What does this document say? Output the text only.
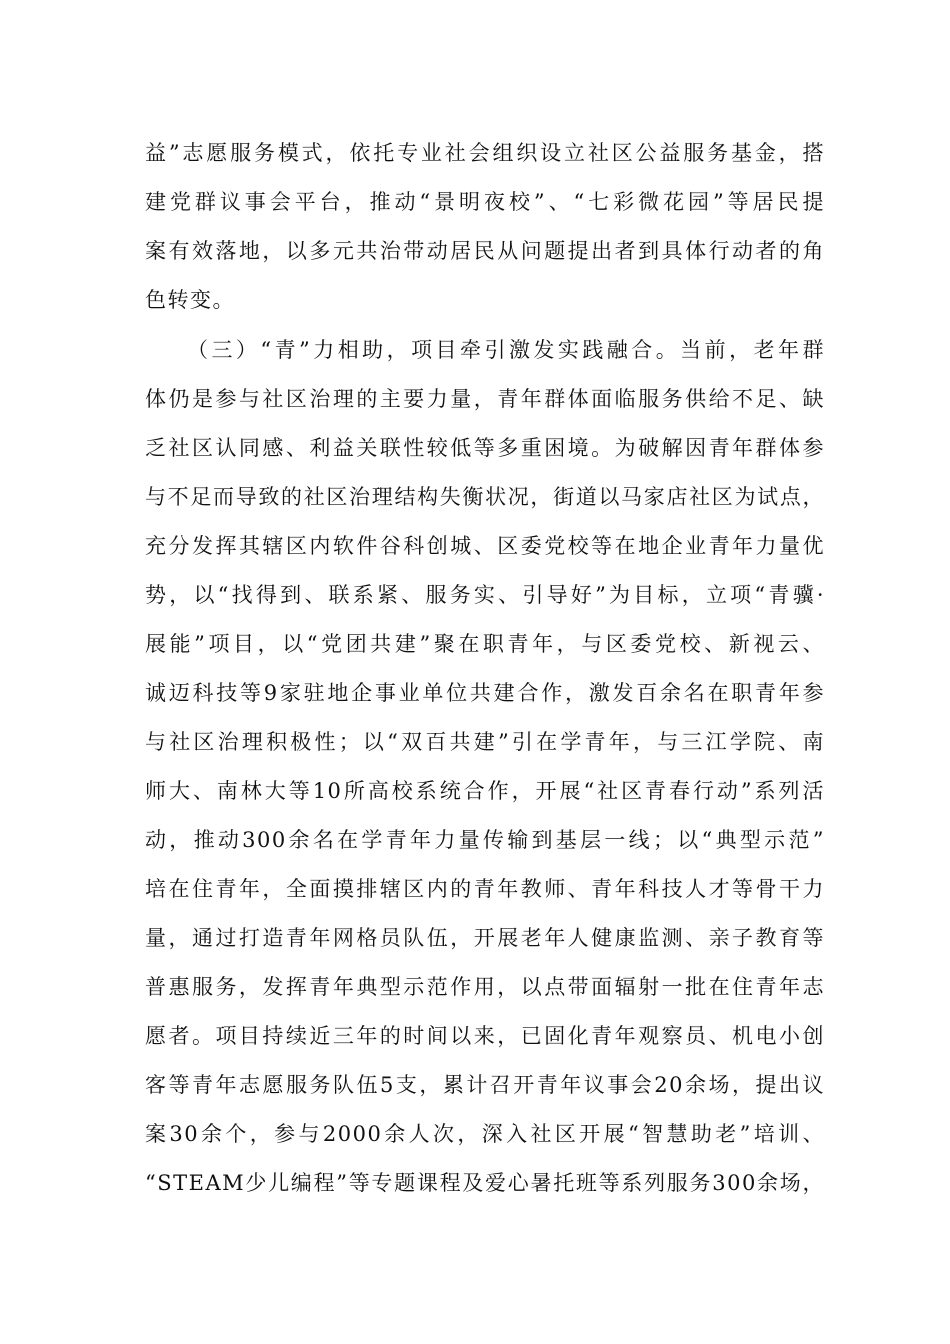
益”志愿服务模式，依托专业社会组织设立社区公益服务基金，搭
建党群议事会平台，推动“景明夜校”、“七彩微花园”等居民提
案有效落地，以多元共治带动居民从问题提出者到具体行动者的角
色转变。
（三）“青”力相助，项目牵引激发实践融合。当前，老年群
体仍是参与社区治理的主要力量，青年群体面临服务供给不足、缺
乏社区认同感、利益关联性较低等多重困境。为破解因青年群体参
与不足而导致的社区治理结构失衡状况，街道以马家店社区为试点，
充分发挥其辖区内软件谷科创城、区委党校等在地企业青年力量优
势，以“找得到、联系紧、服务实、引导好”为目标，立项“青骥·
展能”项目，以“党团共建”聚在职青年，与区委党校、新视云、
诚迈科技等9家驻地企事业单位共建合作，激发百余名在职青年参
与社区治理积极性；以“双百共建”引在学青年，与三江学院、南
师大、南林大等10所高校系统合作，开展“社区青春行动”系列活
动，推动300余名在学青年力量传输到基层一线；以“典型示范”
培在住青年，全面摸排辖区内的青年教师、青年科技人才等骨干力
量，通过打造青年网格员队伍，开展老年人健康监测、亲子教育等
普惠服务，发挥青年典型示范作用，以点带面辐射一批在住青年志
愿者。项目持续近三年的时间以来，已固化青年观察员、机电小创
客等青年志愿服务队伍5支，累计召开青年议事会20余场，提出议
案30余个，参与2000余人次，深入社区开展“智慧助老”培训、
“STEAM少儿编程”等专题课程及爱心暑托班等系列服务300余场，
